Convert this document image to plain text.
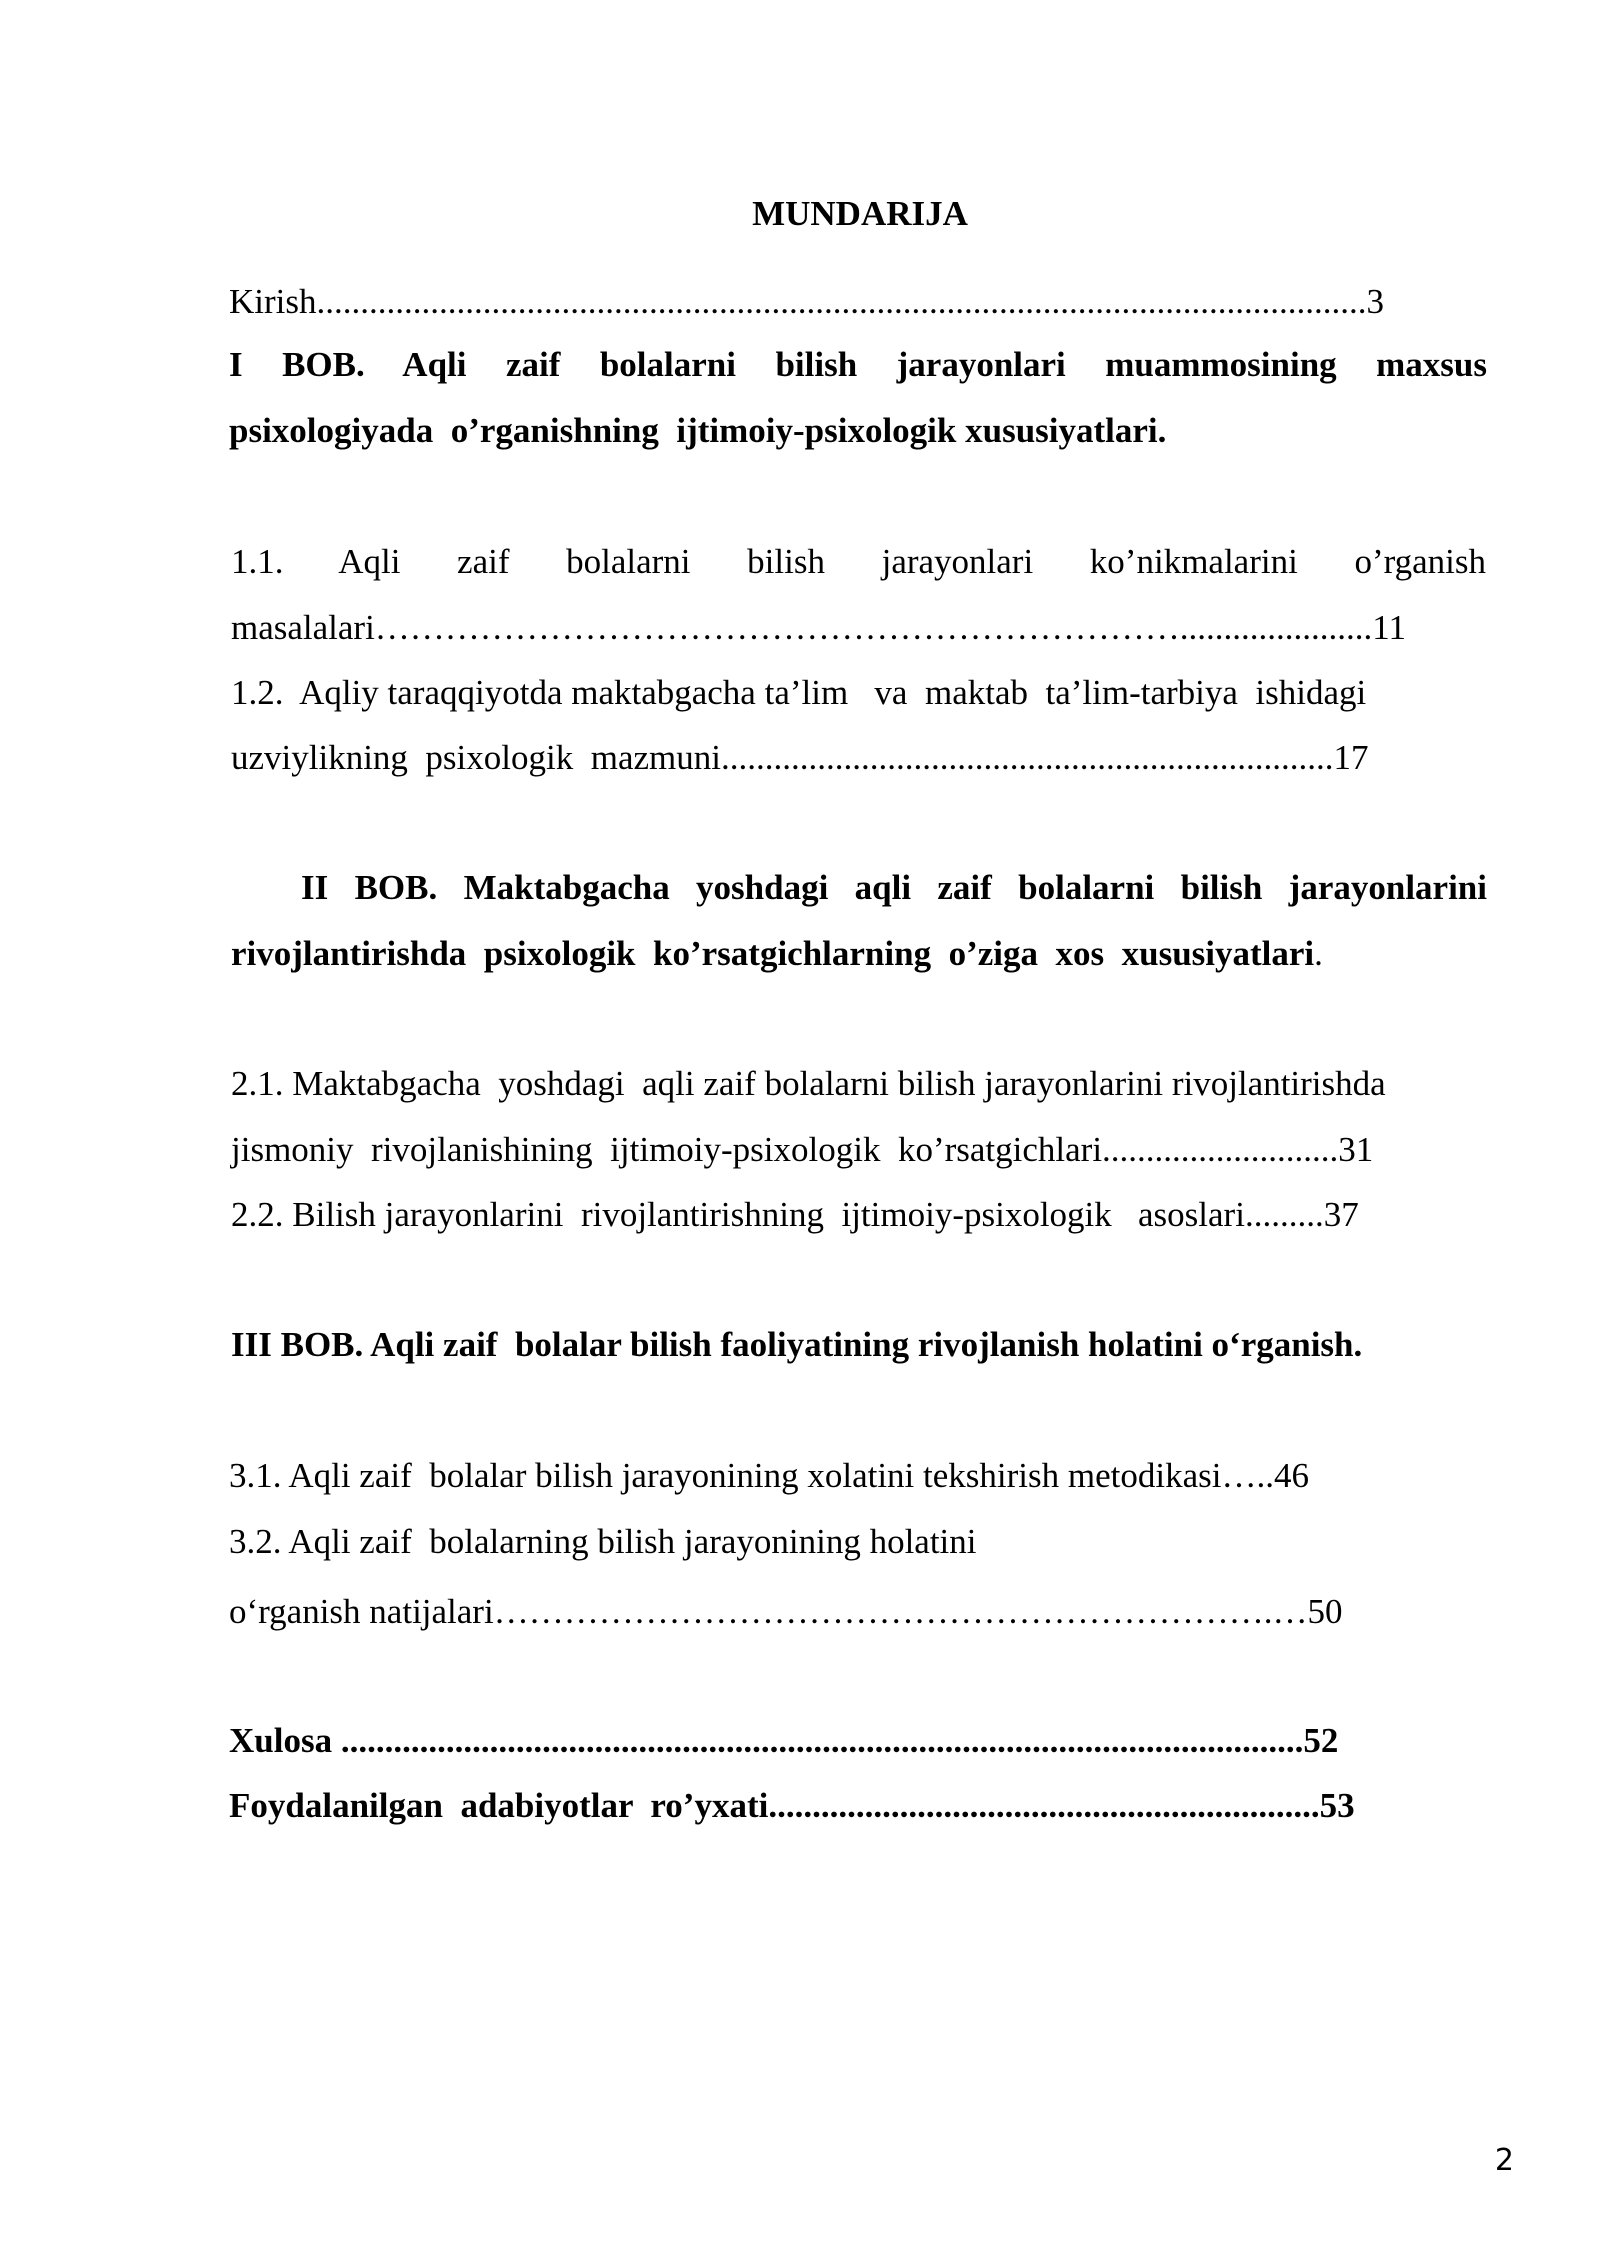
MUNDARIJA
Kirish........................................................................................................................3
I BOB. Aqli zaif bolalarni bilish jarayonlari muammosining maxsus
psixologiyada  o’rganishning  ijtimoiy-psixologik xususiyatlari.
1.1. Aqli zaif bolalarni bilish jarayonlari ko’nikmalarini o’rganish
masalalari……………………………………………………………......................11
1.2.  Aqliy taraqqiyotda maktabgacha ta’lim   va  maktab  ta’lim-tarbiya  ishidagi
uzviylikning  psixologik  mazmuni......................................................................17
II BOB. Maktabgacha yoshdagi aqli zaif bolalarni bilish jarayonlarini
rivojlantirishda  psixologik  ko’rsatgichlarning  o’ziga  xos  xususiyatlari.
2.1. Maktabgacha  yoshdagi  aqli zaif bolalarni bilish jarayonlarini rivojlantirishda
jismoniy  rivojlanishining  ijtimoiy-psixologik  ko’rsatgichlari...........................31
2.2. Bilish jarayonlarini  rivojlantirishning  ijtimoiy-psixologik   asoslari.........37
III BOB. Aqli zaif  bolalar bilish faoliyatining rivojlanish holatini o‘rganish.
3.1. Aqli zaif  bolalar bilish jarayonining xolatini tekshirish metodikasi…..46
3.2. Aqli zaif  bolalarning bilish jarayonining holatini
o‘rganish natijalari………………………………………………………….…50
Xulosa ..............................................................................................................52
Foydalanilgan  adabiyotlar  ro’yxati...............................................................53
2
